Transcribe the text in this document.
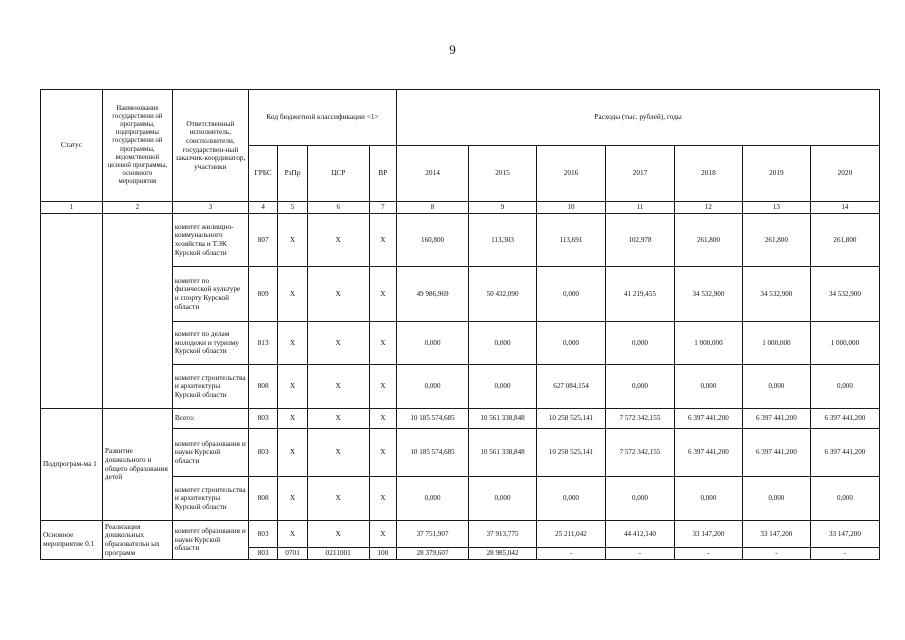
9
Статус	Наименование государствени ой программы, подпрограммы государствени ой программы, ведомственной целевой программы, основного мероприятия	Ответственный исполнитель, соисполнители, государствен-ный заказчик-координатор, участники	Код бюджетной классификации <1>				Расходы (тыс. рублей), годы						
			ГРБС	РзПр	ЦСР	ВР	2014	2015	2016	2017	2018	2019	2020
1	2	3	4	5	6	7	8	9	10	11	12	13	14
		комитет жилищно-коммунального хозяйства и ТЭК Курской области	807	Х	Х	Х	160,800	113,303	113,691	102,978	261,800	261,800	261,800
		комитет по физической культуре и спорту Курской области	809	Х	Х	Х	49 986,969	50 432,090	0,000	41 219,455	34 532,900	34 532,900	34 532,900
		комитет по делам молодежи и туризму Курской области	813	Х	Х	Х	0,000	0,000	0,000	0,000	1 000,000	1 000,000	1 000,000
		комитет строительства и архитектуры Курской области	808	Х	Х	Х	0,000	0,000	627 084,154	0,000	0,000	0,000	0,000
Подпрограм-ма 1	Развитие дошкольного и общего образования детей	Всего:	803	Х	Х	Х	10 185 574,685	10 561 338,848	10 258 525,141	7 572 342,155	6 397 441,200	6 397 441,200	6 397 441,200
		комитет образования и науки Курской области	803	Х	Х	Х	10 185 574,685	10 561 338,848	10 258 525,141	7 572 342,155	6 397 441,200	6 397 441,200	6 397 441,200
		комитет строительства и архитектуры Курской области	808	Х	Х	Х	0,000	0,000	0,000	0,000	0,000	0,000	0,000
Основное мероприятие 0.1	Реализация дошкольных образовательн ых программ	комитет образования и науки Курской области	803	Х	Х	Х	37 751,907	37 913,775	25 211,042	44 412,140	33 147,200	33 147,200	33 147,200
			803	0701	0211001	100	28 379,607	28 985,042	-	-	-	-	-
